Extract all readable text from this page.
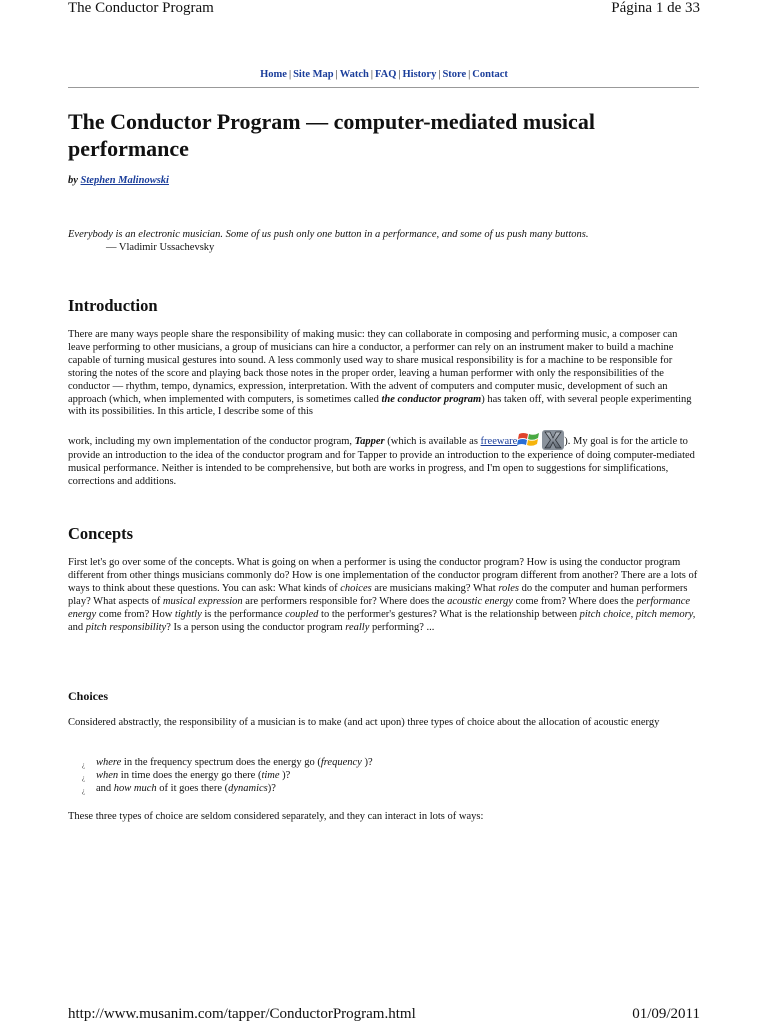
The Conductor Program	Página 1 de 33
Home | Site Map | Watch | FAQ | History | Store | Contact
The Conductor Program — computer-mediated musical performance
by Stephen Malinowski
Everybody is an electronic musician. Some of us push only one button in a performance, and some of us push many buttons.
— Vladimir Ussachevsky
Introduction

There are many ways people share the responsibility of making music: they can collaborate in composing and performing music, a composer can leave performing to other musicians, a group of musicians can hire a conductor, a performer can rely on an instrument maker to build a machine capable of turning musical gestures into sound. A less commonly used way to share musical responsibility is for a machine to be responsible for storing the notes of the score and playing back those notes in the proper order, leaving a human performer with only the responsibilities of the conductor — rhythm, tempo, dynamics, expression, interpretation. With the advent of computers and computer music, development of such an approach (which, when implemented with computers, is sometimes called the conductor program) has taken off, with several people experimenting with its possibilities. In this article, I describe some of this

work, including my own implementation of the conductor program, Tapper (which is available as freeware	). My goal is for the article to provide an introduction to the idea of the conductor program and for Tapper to provide an introduction to the experience of doing computer-mediated musical performance. Neither is intended to be comprehensive, but both are works in progress, and I'm open to suggestions for simplifications, corrections and additions.

Concepts

First let's go over some of the concepts. What is going on when a performer is using the conductor program? How is using the conductor program different from other things musicians commonly do? How is one implementation of the conductor program different from another? There are a lots of ways to think about these questions. You can ask: What kinds of choices are musicians making? What roles do the computer and human performers play? What aspects of musical expression are performers responsible for? Where does the acoustic energy come from? Where does the performance energy come from? How tightly is the performance coupled to the performer's gestures? What is the relationship between pitch choice, pitch memory, and pitch responsibility? Is a person using the conductor program really performing? ...

Choices

Considered abstractly, the responsibility of a musician is to make (and act upon) three types of choice about the allocation of acoustic energy

¿ where in the frequency spectrum does the energy go (frequency )?
¿ when in time does the energy go there (time )?
¿ and how much of it goes there (dynamics)?

These three types of choice are seldom considered separately, and they can interact in lots of ways:

http://www.musanim.com/tapper/ConductorProgram.html	01/09/2011
